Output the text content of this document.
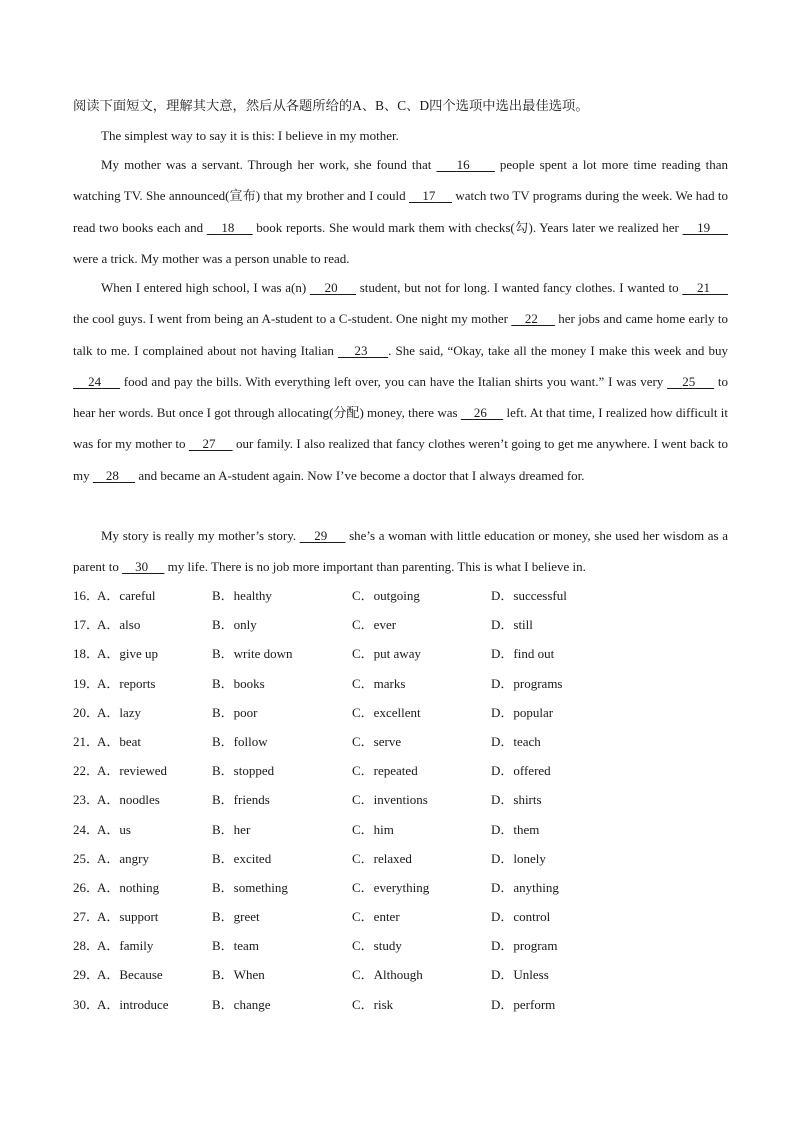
阅读下面短文，理解其大意，然后从各题所给的A、B、C、D四个选项中选出最佳选项。
The simplest way to say it is this: I believe in my mother.
My mother was a servant. Through her work, she found that     16      people spent a lot more time reading than watching TV. She announced(宣布) that my brother and I could     17      watch two TV programs during the week. We had to read two books each and     18      book reports. She would mark them with checks(勾). Years later we realized her     19      were a trick. My mother was a person unable to read.
When I entered high school, I was a(n)     20      student, but not for long. I wanted fancy clothes. I wanted to     21      the cool guys. I went from being an A-student to a C-student. One night my mother     22      her jobs and came home early to talk to me. I complained about not having Italian     23 . She said, “Okay, take all the money I make this week and buy     24      food and pay the bills. With everything left over, you can have the Italian shirts you want.” I was very     25      to hear her words. But once I got through allocating(分配) money, there was     26      left. At that time, I realized how difficult it was for my mother to     27      our family. I also realized that fancy clothes weren’t going to get me anywhere. I went back to my     28      and became an A-student again. Now I’ve become a doctor that I always dreamed for.
My story is really my mother’s story.     29      she’s a woman with little education or money, she used her wisdom as a parent to     30      my life. There is no job more important than parenting. This is what I believe in.
16．
A．careful	B．healthy	C．outgoing	D．successful
17．
A．also	B．only	C．ever	D．still
18．
A．give up	B．write down	C．put away	D．find out
19．
A．reports	B．books	C．marks	D．programs
20．
A．lazy	B．poor	C．excellent	D．popular
21．
A．beat	B．follow	C．serve	D．teach
22．
A．reviewed	B．stopped	C．repeated	D．offered
23．
A．noodles	B．friends	C．inventions	D．shirts
24．
A．us	B．her	C．him	D．them
25．
A．angry	B．excited	C．relaxed	D．lonely
26．
A．nothing	B．something	C．everything	D．anything
27．
A．support	B．greet	C．enter	D．control
28．
A．family	B．team	C．study	D．program
29．
A．Because	B．When	C．Although	D．Unless
30．
A．introduce	B．change	C．risk	D．perform
